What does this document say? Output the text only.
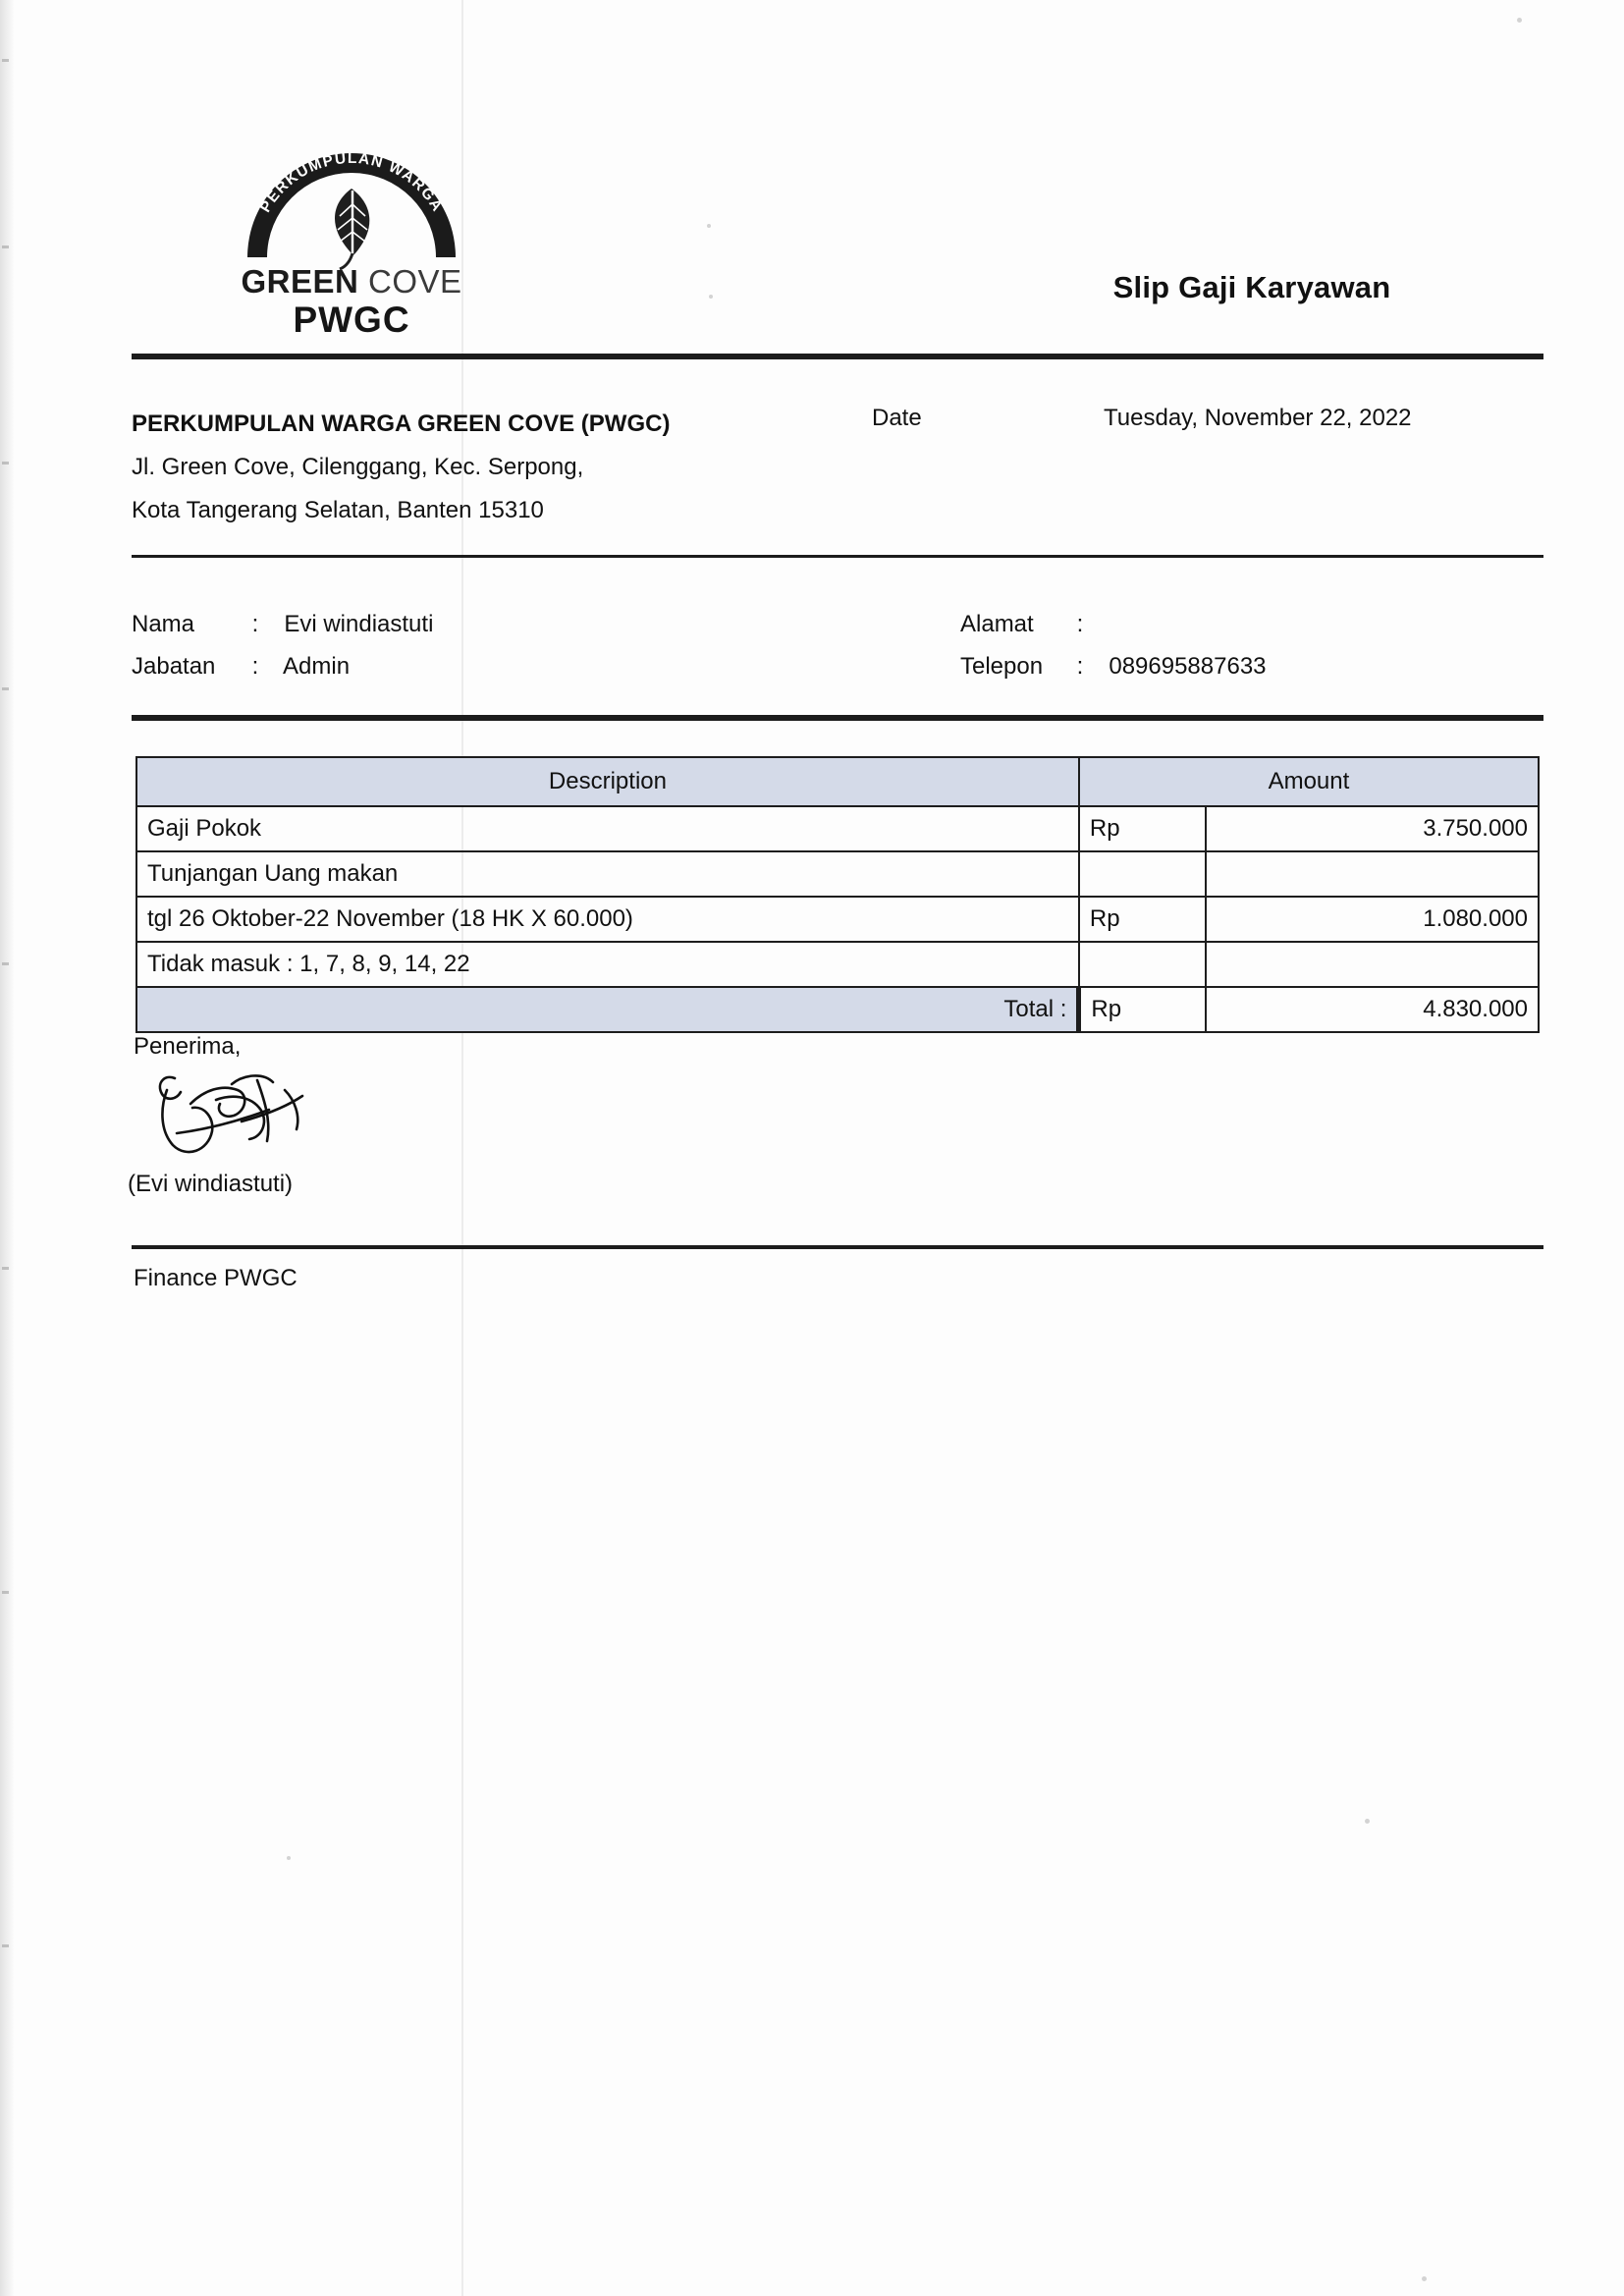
PERKUMPULAN WARGA
GREEN COVE
PWGC
Slip Gaji Karyawan
PERKUMPULAN WARGA GREEN COVE (PWGC)
Jl. Green Cove, Cilenggang, Kec. Serpong,
Kota Tangerang Selatan, Banten 15310
Date	Tuesday, November 22, 2022
Nama : Evi windiastuti
Jabatan : Admin
Alamat :
Telepon : 089695887633
Description	Amount	
Gaji Pokok	Rp	3.750.000
Tunjangan Uang makan		
tgl 26 Oktober-22 November (18 HK X 60.000)	Rp	1.080.000
Tidak masuk : 1, 7, 8, 9, 14, 22		
Total :	Rp	4.830.000
Penerima,
(Evi windiastuti)
Finance PWGC
